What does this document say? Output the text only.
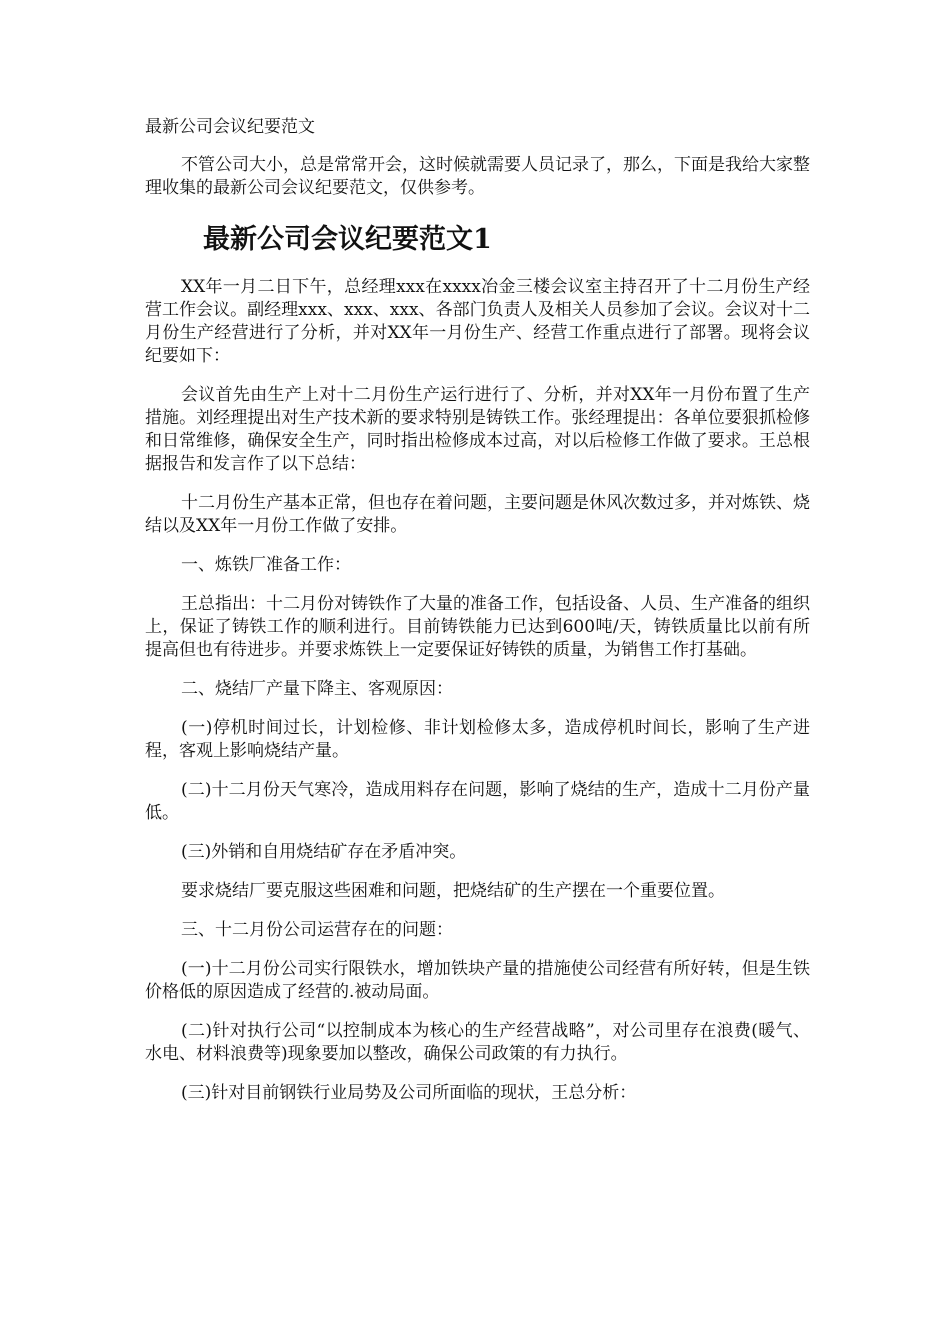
最新公司会议纪要范文

不管公司大小，总是常常开会，这时候就需要人员记录了，那么，下面是我给大家整理收集的最新公司会议纪要范文，仅供参考。

最新公司会议纪要范文1

XX年一月二日下午，总经理xxx在xxxx冶金三楼会议室主持召开了十二月份生产经营工作会议。副经理xxx、xxx、xxx、各部门负责人及相关人员参加了会议。会议对十二月份生产经营进行了分析，并对XX年一月份生产、经营工作重点进行了部署。现将会议纪要如下：

会议首先由生产上对十二月份生产运行进行了、分析，并对XX年一月份布置了生产措施。刘经理提出对生产技术新的要求特别是铸铁工作。张经理提出：各单位要狠抓检修和日常维修，确保安全生产，同时指出检修成本过高，对以后检修工作做了要求。王总根据报告和发言作了以下总结：

十二月份生产基本正常，但也存在着问题，主要问题是休风次数过多，并对炼铁、烧结以及XX年一月份工作做了安排。

一、炼铁厂准备工作：

王总指出：十二月份对铸铁作了大量的准备工作，包括设备、人员、生产准备的组织上，保证了铸铁工作的顺利进行。目前铸铁能力已达到600吨/天，铸铁质量比以前有所提高但也有待进步。并要求炼铁上一定要保证好铸铁的质量，为销售工作打基础。

二、烧结厂产量下降主、客观原因：

(一)停机时间过长，计划检修、非计划检修太多，造成停机时间长，影响了生产进程，客观上影响烧结产量。

(二)十二月份天气寒冷，造成用料存在问题，影响了烧结的生产，造成十二月份产量低。

(三)外销和自用烧结矿存在矛盾冲突。

要求烧结厂要克服这些困难和问题，把烧结矿的生产摆在一个重要位置。

三、十二月份公司运营存在的问题：

(一)十二月份公司实行限铁水，增加铁块产量的措施使公司经营有所好转，但是生铁价格低的原因造成了经营的.被动局面。

(二)针对执行公司“以控制成本为核心的生产经营战略”，对公司里存在浪费(暖气、水电、材料浪费等)现象要加以整改，确保公司政策的有力执行。

(三)针对目前钢铁行业局势及公司所面临的现状，王总分析：
